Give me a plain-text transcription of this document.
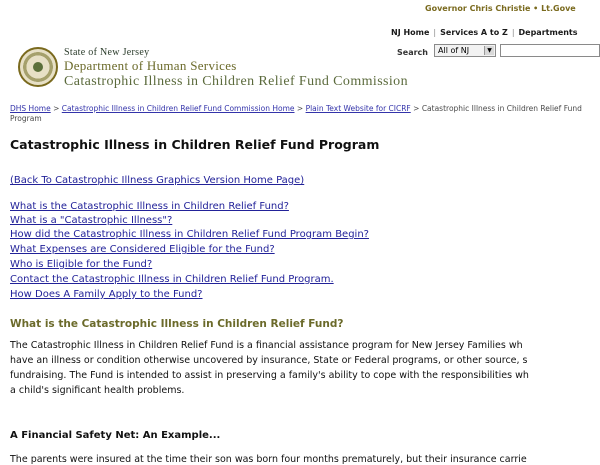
Governor Chris Christie • Lt.Gove
NJ Home | Services A to Z | Departments
Search	All of NJ	▼
State of New Jersey
Department of Human Services
Catastrophic Illness in Children Relief Fund Commission
DHS Home > Catastrophic Illness in Children Relief Fund Commission Home > Plain Text Website for CICRF > Catastrophic Illness in Children Relief Fund Program
Catastrophic Illness in Children Relief Fund Program
(Back To Catastrophic Illness Graphics Version Home Page)
What is the Catastrophic Illness in Children Relief Fund?
What is a "Catastrophic Illness"?
How did the Catastrophic Illness in Children Relief Fund Program Begin?
What Expenses are Considered Eligible for the Fund?
Who is Eligible for the Fund?
Contact the Catastrophic Illness in Children Relief Fund Program.
How Does A Family Apply to the Fund?
What is the Catastrophic Illness in Children Relief Fund?
The Catastrophic Illness in Children Relief Fund is a financial assistance program for New Jersey Families wh
have an illness or condition otherwise uncovered by insurance, State or Federal programs, or other source, s
fundraising. The Fund is intended to assist in preserving a family's ability to cope with the responsibilities wh
a child's significant health problems.
A Financial Safety Net: An Example...
The parents were insured at the time their son was born four months prematurely, but their insurance carrie
